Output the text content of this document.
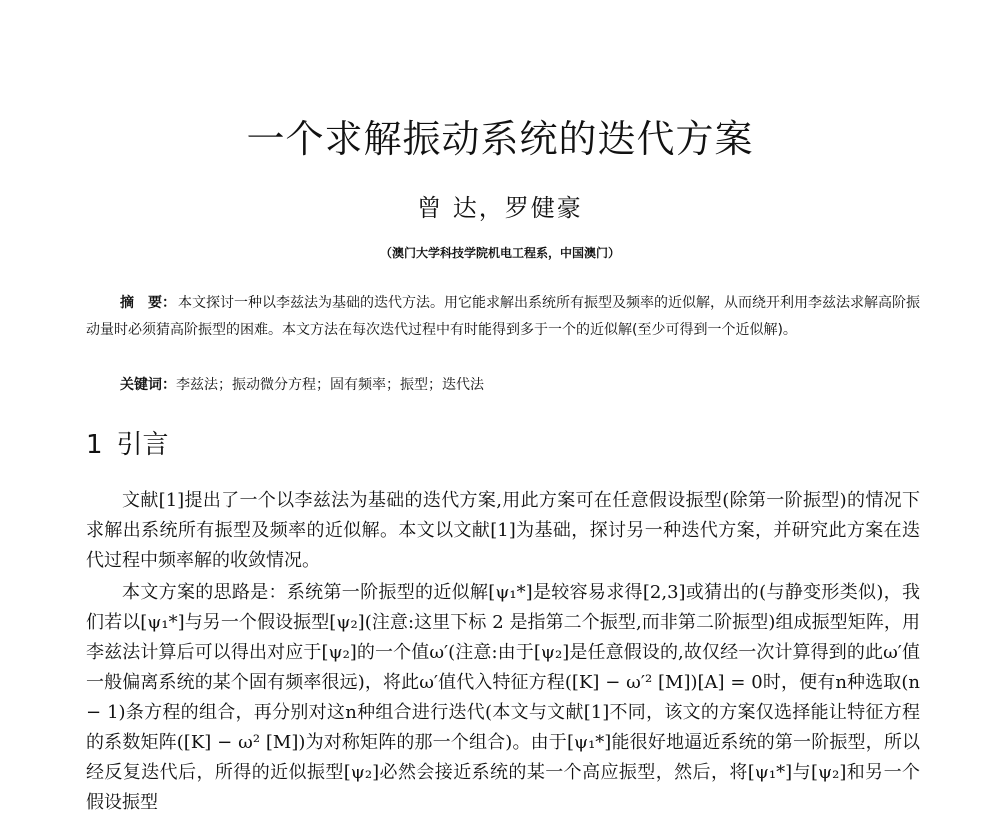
一个求解振动系统的迭代方案
曾 达，罗健豪
（澳门大学科技学院机电工程系，中国澳门）
摘　要： 本文探讨一种以李兹法为基础的迭代方法。用它能求解出系统所有振型及频率的近似解，从而绕开利用李兹法求解高阶振动量时必须猜高阶振型的困难。本文方法在每次迭代过程中有时能得到多于一个的近似解(至少可得到一个近似解)。
关键词：李兹法；振动微分方程；固有频率；振型；迭代法
1 引言

文献[1]提出了一个以李兹法为基础的迭代方案,用此方案可在任意假设振型(除第一阶振型)的情况下求解出系统所有振型及频率的近似解。本文以文献[1]为基础，探讨另一种迭代方案，并研究此方案在迭代过程中频率解的收敛情况。

本文方案的思路是：系统第一阶振型的近似解[ψ₁*]是较容易求得[2,3]或猜出的(与静变形类似)，我们若以[ψ₁*]与另一个假设振型[ψ₂](注意:这里下标 2 是指第二个振型,而非第二阶振型)组成振型矩阵，用李兹法计算后可以得出对应于[ψ₂]的一个值ω′(注意:由于[ψ₂]是任意假设的,故仅经一次计算得到的此ω′值一般偏离系统的某个固有频率很远)，将此ω′值代入特征方程([K] − ω′² [M])[A] = 0时，便有n种选取(n − 1)条方程的组合，再分别对这n种组合进行迭代(本文与文献[1]不同，该文的方案仅选择能让特征方程的系数矩阵([K] − ω² [M])为对称矩阵的那一个组合)。由于[ψ₁*]能很好地逼近系统的第一阶振型，所以经反复迭代后，所得的近似振型[ψ₂]必然会接近系统的某一个高应振型，然后，将[ψ₁*]与[ψ₂]和另一个假设振型
